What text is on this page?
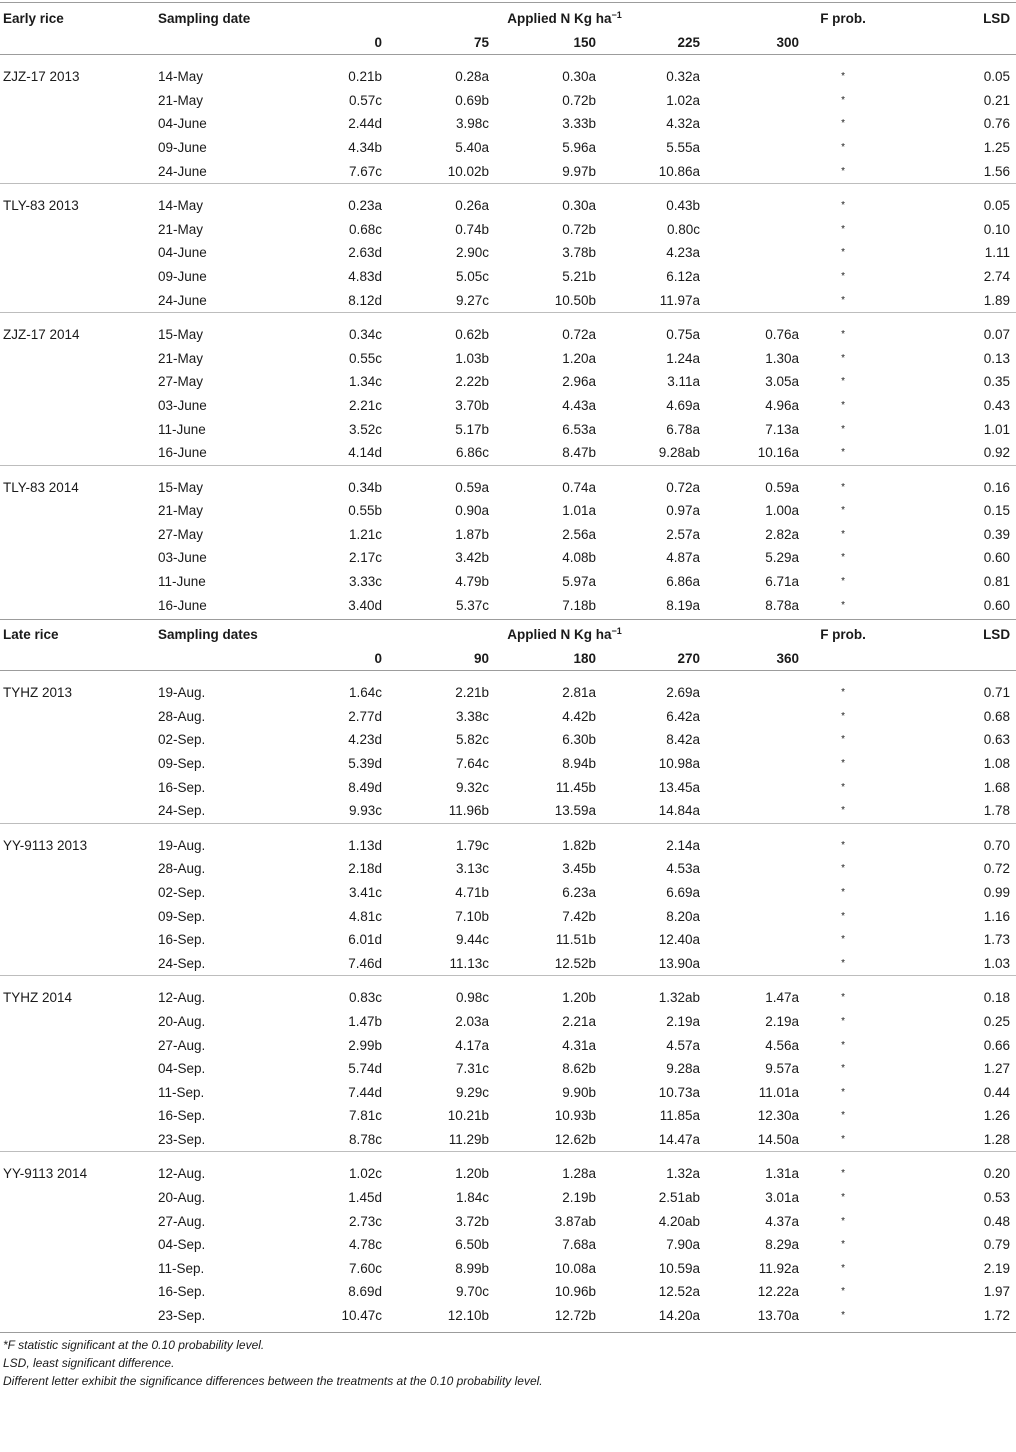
Early rice	Sampling date	Applied N Kg $ha^{-1}$					F prob.	LSD
		0	75	150	225	300		

ZJZ-17 2013	14-May	0.21b	0.28a	0.30a	0.32a		*	0.05
	21-May	0.57c	0.69b	0.72b	1.02a		*	0.21
	04-June	2.44d	3.98c	3.33b	4.32a		*	0.76
	09-June	4.34b	5.40a	5.96a	5.55a		*	1.25
	24-June	7.67c	10.02b	9.97b	10.86a		*	1.56

TLY-83 2013	14-May	0.23a	0.26a	0.30a	0.43b		*	0.05
	21-May	0.68c	0.74b	0.72b	0.80c		*	0.10
	04-June	2.63d	2.90c	3.78b	4.23a		*	1.11
	09-June	4.83d	5.05c	5.21b	6.12a		*	2.74
	24-June	8.12d	9.27c	10.50b	11.97a		*	1.89

ZJZ-17 2014	15-May	0.34c	0.62b	0.72a	0.75a	0.76a	*	0.07
	21-May	0.55c	1.03b	1.20a	1.24a	1.30a	*	0.13
	27-May	1.34c	2.22b	2.96a	3.11a	3.05a	*	0.35
	03-June	2.21c	3.70b	4.43a	4.69a	4.96a	*	0.43
	11-June	3.52c	5.17b	6.53a	6.78a	7.13a	*	1.01
	16-June	4.14d	6.86c	8.47b	9.28ab	10.16a	*	0.92

TLY-83 2014	15-May	0.34b	0.59a	0.74a	0.72a	0.59a	*	0.16
	21-May	0.55b	0.90a	1.01a	0.97a	1.00a	*	0.15
	27-May	1.21c	1.87b	2.56a	2.57a	2.82a	*	0.39
	03-June	2.17c	3.42b	4.08b	4.87a	5.29a	*	0.60
	11-June	3.33c	4.79b	5.97a	6.86a	6.71a	*	0.81
	16-June	3.40d	5.37c	7.18b	8.19a	8.78a	*	0.60
Late rice	Sampling dates	Applied N Kg $ha^{-1}$					F prob.	LSD
		0	90	180	270	360		

TYHZ 2013	19-Aug.	1.64c	2.21b	2.81a	2.69a		*	0.71
	28-Aug.	2.77d	3.38c	4.42b	6.42a		*	0.68
	02-Sep.	4.23d	5.82c	6.30b	8.42a		*	0.63
	09-Sep.	5.39d	7.64c	8.94b	10.98a		*	1.08
	16-Sep.	8.49d	9.32c	11.45b	13.45a		*	1.68
	24-Sep.	9.93c	11.96b	13.59a	14.84a		*	1.78

YY-9113 2013	19-Aug.	1.13d	1.79c	1.82b	2.14a		*	0.70
	28-Aug.	2.18d	3.13c	3.45b	4.53a		*	0.72
	02-Sep.	3.41c	4.71b	6.23a	6.69a		*	0.99
	09-Sep.	4.81c	7.10b	7.42b	8.20a		*	1.16
	16-Sep.	6.01d	9.44c	11.51b	12.40a		*	1.73
	24-Sep.	7.46d	11.13c	12.52b	13.90a		*	1.03

TYHZ 2014	12-Aug.	0.83c	0.98c	1.20b	1.32ab	1.47a	*	0.18
	20-Aug.	1.47b	2.03a	2.21a	2.19a	2.19a	*	0.25
	27-Aug.	2.99b	4.17a	4.31a	4.57a	4.56a	*	0.66
	04-Sep.	5.74d	7.31c	8.62b	9.28a	9.57a	*	1.27
	11-Sep.	7.44d	9.29c	9.90b	10.73a	11.01a	*	0.44
	16-Sep.	7.81c	10.21b	10.93b	11.85a	12.30a	*	1.26
	23-Sep.	8.78c	11.29b	12.62b	14.47a	14.50a	*	1.28

YY-9113 2014	12-Aug.	1.02c	1.20b	1.28a	1.32a	1.31a	*	0.20
	20-Aug.	1.45d	1.84c	2.19b	2.51ab	3.01a	*	0.53
	27-Aug.	2.73c	3.72b	3.87ab	4.20ab	4.37a	*	0.48
	04-Sep.	4.78c	6.50b	7.68a	7.90a	8.29a	*	0.79
	11-Sep.	7.60c	8.99b	10.08a	10.59a	11.92a	*	2.19
	16-Sep.	8.69d	9.70c	10.96b	12.52a	12.22a	*	1.97
	23-Sep.	10.47c	12.10b	12.72b	14.20a	13.70a	*	1.72
*F statistic significant at the 0.10 probability level.
LSD, least significant difference.
Different letter exhibit the significance differences between the treatments at the 0.10 probability level.
